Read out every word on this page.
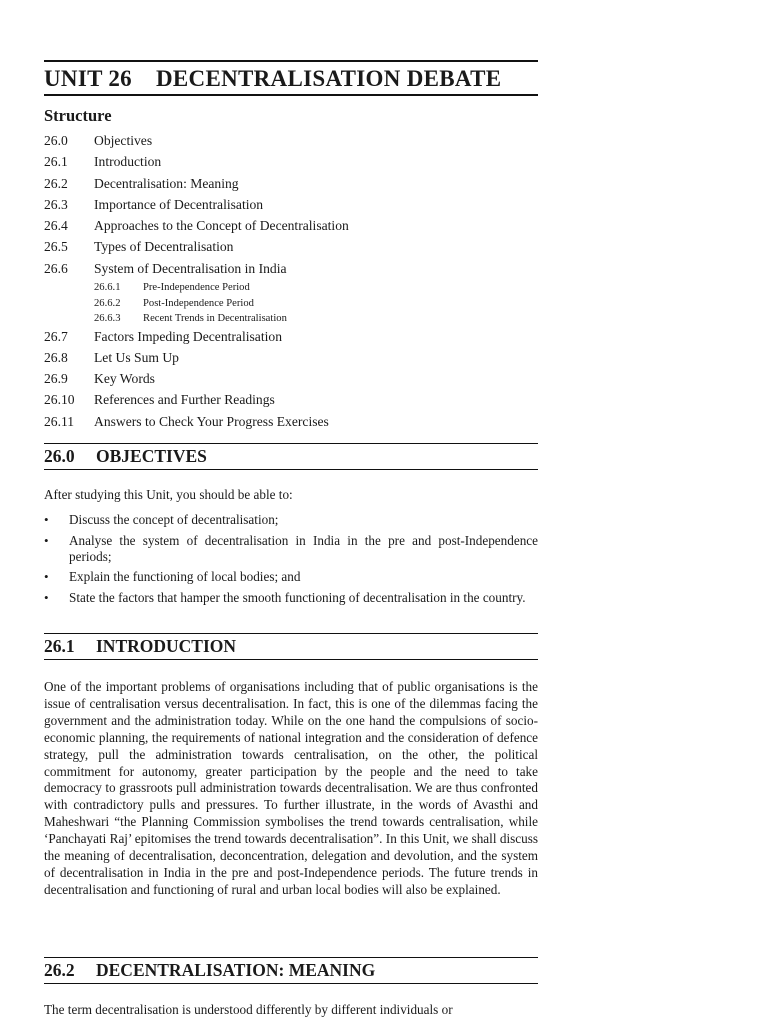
UNIT 26 DECENTRALISATION DEBATE
Structure
26.0 Objectives
26.1 Introduction
26.2 Decentralisation: Meaning
26.3 Importance of Decentralisation
26.4 Approaches to the Concept of Decentralisation
26.5 Types of Decentralisation
26.6 System of Decentralisation in India
26.6.1 Pre-Independence Period
26.6.2 Post-Independence Period
26.6.3 Recent Trends in Decentralisation
26.7 Factors Impeding Decentralisation
26.8 Let Us Sum Up
26.9 Key Words
26.10 References and Further Readings
26.11 Answers to Check Your Progress Exercises
26.0 OBJECTIVES
After studying this Unit, you should be able to:
• Discuss the concept of decentralisation;
• Analyse the system of decentralisation in India in the pre and post-Independence periods;
• Explain the functioning of local bodies; and
• State the factors that hamper the smooth functioning of decentralisation in the country.
26.1 INTRODUCTION
One of the important problems of organisations including that of public organisations is the issue of centralisation versus decentralisation. In fact, this is one of the dilemmas facing the government and the administration today. While on the one hand the compulsions of socio-economic planning, the requirements of national integration and the consideration of defence strategy, pull the administration towards centralisation, on the other, the political commitment for autonomy, greater participation by the people and the need to take democracy to grassroots pull administration towards decentralisation. We are thus confronted with contradictory pulls and pressures. To further illustrate, in the words of Avasthi and Maheshwari “the Planning Commission symbolises the trend towards centralisation, while ‘Panchayati Raj’ epitomises the trend towards decentralisation”. In this Unit, we shall discuss the meaning of decentralisation, deconcentration, delegation and devolution, and the system of decentralisation in India in the pre and post-Independence periods. The future trends in decentralisation and functioning of rural and urban local bodies will also be explained.
26.2 DECENTRALISATION: MEANING
The term decentralisation is understood differently by different individuals or
